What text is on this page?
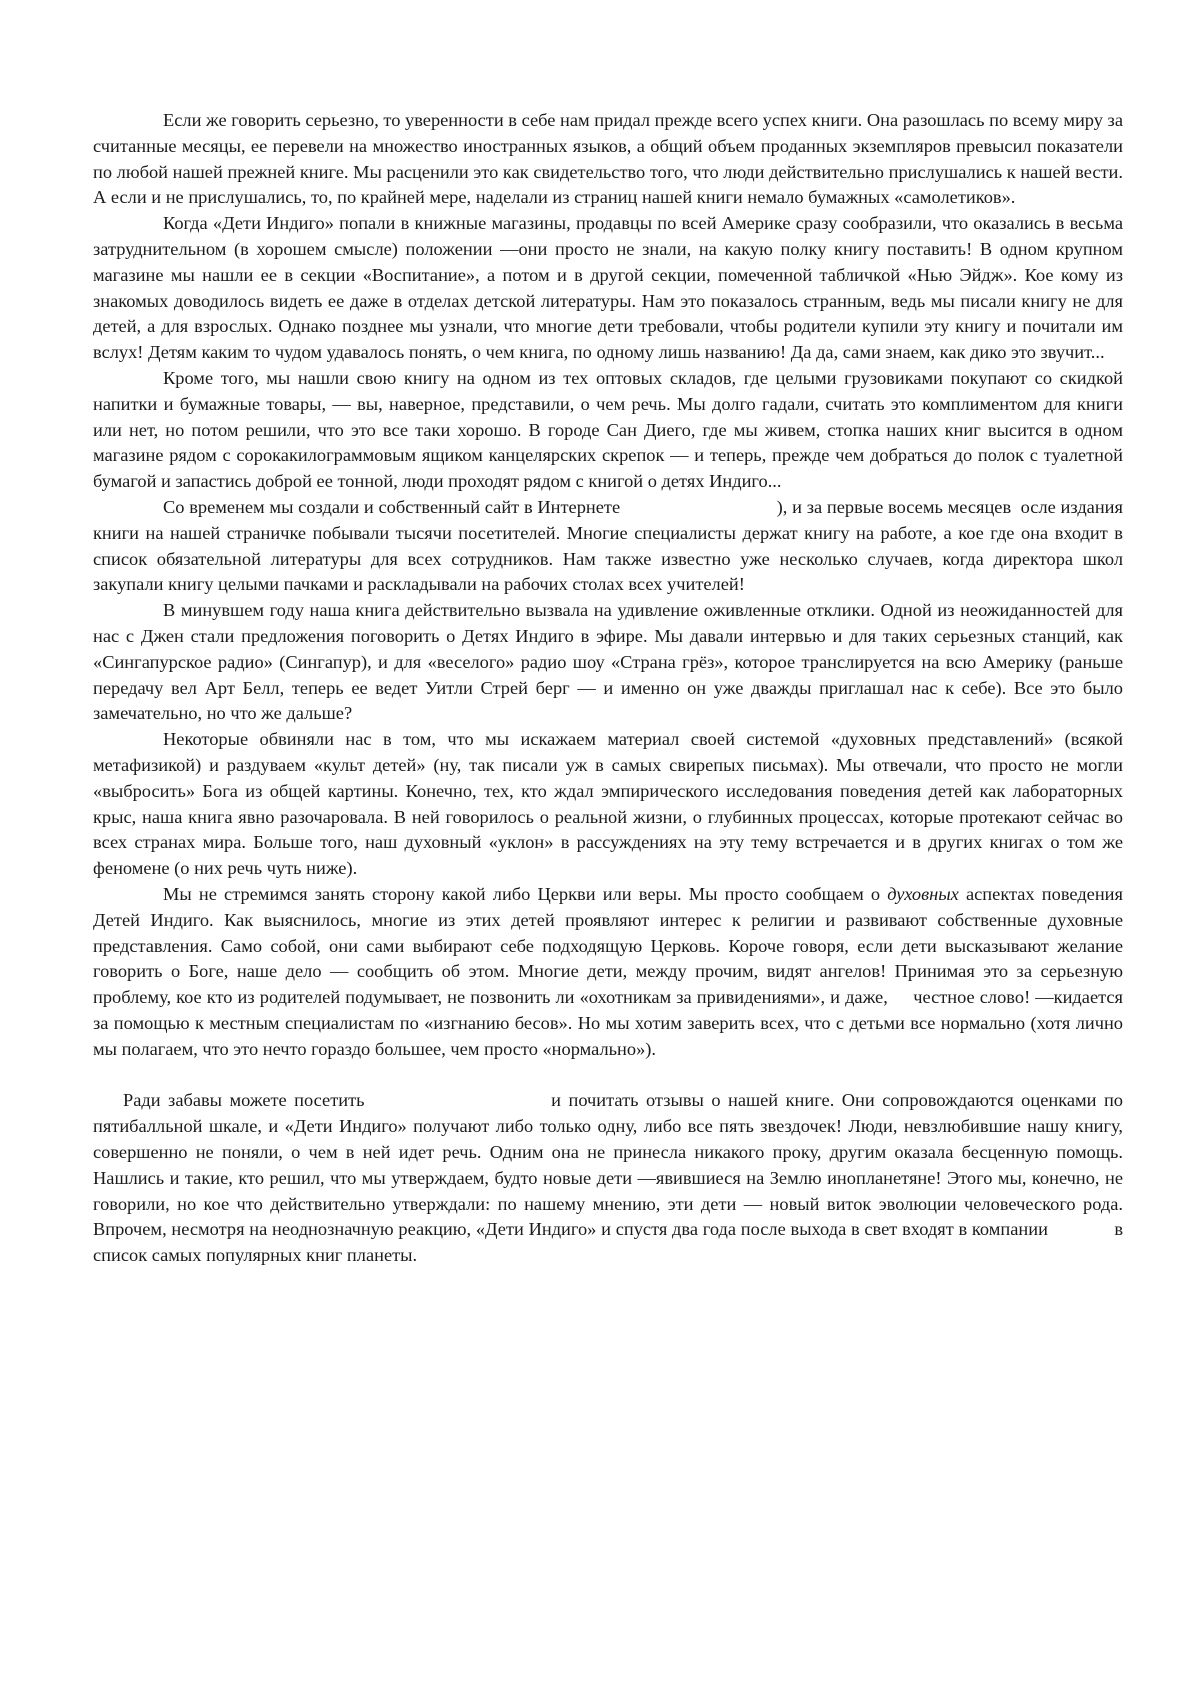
Если же говорить серьезно, то уверенности в себе нам придал прежде всего успех книги. Она разошлась по всему миру за считанные месяцы, ее перевели на множество иностранных языков, а общий объем проданных экземпляров превысил показатели по любой нашей прежней книге. Мы расценили это как свидетельство того, что люди действительно прислушались к нашей вести. А если и не прислушались, то, по крайней мере, наделали из страниц нашей книги немало бумажных «самолетиков».

Когда «Дети Индиго» попали в книжные магазины, продавцы по всей Америке сразу сообразили, что оказались в весьма затруднительном (в хорошем смысле) положении —они просто не знали, на какую полку книгу поставить! В одном крупном магазине мы нашли ее в секции «Воспитание», а потом и в другой секции, помеченной табличкой «Нью Эйдж». Кое кому из знакомых доводилось видеть ее даже в отделах детской литературы. Нам это показалось странным, ведь мы писали книгу не для детей, а для взрослых. Однако позднее мы узнали, что многие дети требовали, чтобы родители купили эту книгу и почитали им вслух! Детям каким то чудом удавалось понять, о чем книга, по одному лишь названию! Да да, сами знаем, как дико это звучит...

Кроме того, мы нашли свою книгу на одном из тех оптовых складов, где целыми грузовиками покупают со скидкой напитки и бумажные товары, — вы, наверное, представили, о чем речь. Мы долго гадали, считать это комплиментом для книги или нет, но потом решили, что это все таки хорошо. В городе Сан Диего, где мы живем, стопка наших книг высится в одном магазине рядом с сорокакилограммовым ящиком канцелярских скрепок — и теперь, прежде чем добраться до полок с туалетной бумагой и запастись доброй ее тонной, люди проходят рядом с книгой о детях Индиго...

Со временем мы создали и собственный сайт в Интернете                                 ), и за первые восемь месяцев  осле издания книги на нашей страничке побывали тысячи посетителей. Многие специалисты держат книгу на работе, а кое где она входит в список обязательной литературы для всех сотрудников. Нам также известно уже несколько случаев, когда директора школ закупали книгу целыми пачками и раскладывали на рабочих столах всех учителей!

В минувшем году наша книга действительно вызвала на удивление оживленные отклики. Одной из неожиданностей для нас с Джен стали предложения поговорить о Детях Индиго в эфире. Мы давали интервью и для таких серьезных станций, как «Сингапурское радио» (Сингапур), и для «веселого» радио шоу «Страна грёз», которое транслируется на всю Америку (раньше передачу вел Арт Белл, теперь ее ведет Уитли Стрей берг — и именно он уже дважды приглашал нас к себе). Все это было замечательно, но что же дальше?

Некоторые обвиняли нас в том, что мы искажаем материал своей системой «духовных представлений» (всякой метафизикой) и раздуваем «культ детей» (ну, так писали уж в самых свирепых письмах). Мы отвечали, что просто не могли «выбросить» Бога из общей картины. Конечно, тех, кто ждал эмпирического исследования поведения детей как лабораторных крыс, наша книга явно разочаровала. В ней говорилось о реальной жизни, о глубинных процессах, которые протекают сейчас во всех странах мира. Больше того, наш духовный «уклон» в рассуждениях на эту тему встречается и в других книгах о том же феномене (о них речь чуть ниже).

Мы не стремимся занять сторону какой либо Церкви или веры. Мы просто сообщаем о духовных аспектах поведения Детей Индиго. Как выяснилось, многие из этих детей проявляют интерес к религии и развивают собственные духовные представления. Само собой, они сами выбирают себе подходящую Церковь. Короче говоря, если дети высказывают желание говорить о Боге, наше дело — сообщить об этом. Многие дети, между прочим, видят ангелов! Принимая это за серьезную проблему, кое кто из родителей подумывает, не позвонить ли «охотникам за привидениями», и даже,     честное слово! —кидается за помощью к местным специалистам по «изгнанию бесов». Но мы хотим заверить всех, что с детьми все нормально (хотя лично мы полагаем, что это нечто гораздо большее, чем просто «нормально»).

Ради забавы можете посетить                         и почитать отзывы о нашей книге. Они сопровождаются оценками по пятибалльной шкале, и «Дети Индиго» получают либо только одну, либо все пять звездочек! Люди, невзлюбившие нашу книгу, совершенно не поняли, о чем в ней идет речь. Одним она не принесла никакого проку, другим оказала бесценную помощь. Нашлись и такие, кто решил, что мы утверждаем, будто новые дети —явившиеся на Землю инопланетяне! Этого мы, конечно, не говорили, но кое что действительно утверждали: по нашему мнению, эти дети — новый виток эволюции человеческого рода. Впрочем, несмотря на неоднозначную реакцию, «Дети Индиго» и спустя два года после выхода в свет входят в компании              в список самых популярных книг планеты.
